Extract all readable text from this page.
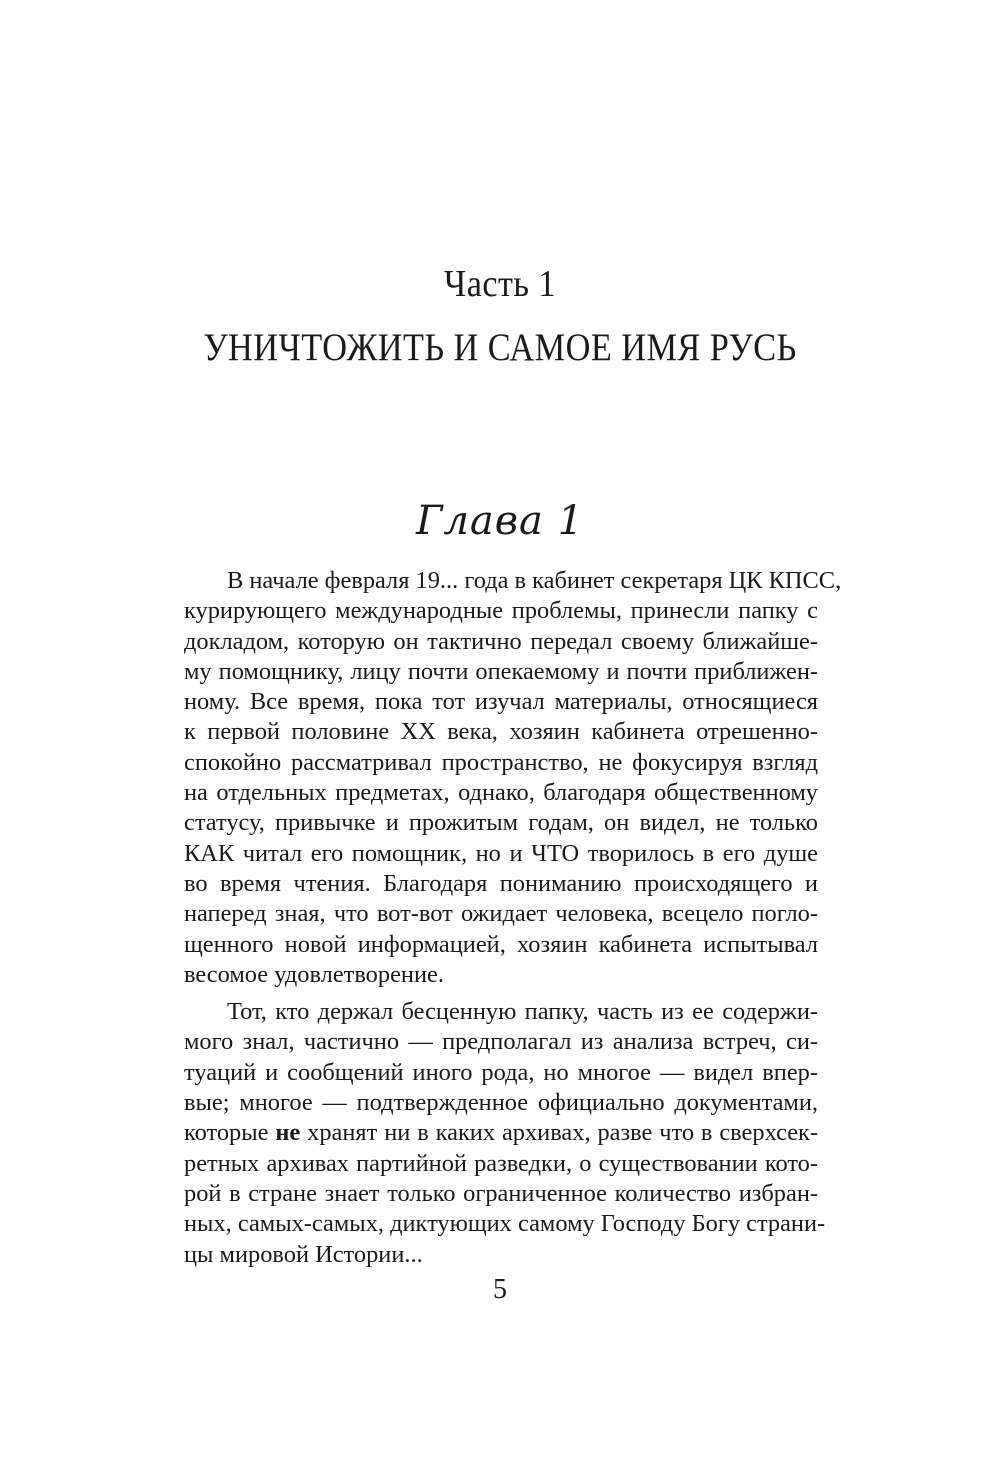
Часть 1
УНИЧТОЖИТЬ И САМОЕ ИМЯ РУСЬ
Глава 1
В начале февраля 19... года в кабинет секретаря ЦК КПСС,
курирующего международные проблемы, принесли папку с
докладом, которую он тактично передал своему ближайше-
му помощнику, лицу почти опекаемому и почти приближен-
ному. Все время, пока тот изучал материалы, относящиеся
к первой половине XX века, хозяин кабинета отрешенно-
спокойно рассматривал пространство, не фокусируя взгляд
на отдельных предметах, однако, благодаря общественному
статусу, привычке и прожитым годам, он видел, не только
КАК читал его помощник, но и ЧТО творилось в его душе
во время чтения. Благодаря пониманию происходящего и
наперед зная, что вот-вот ожидает человека, всецело погло-
щенного новой информацией, хозяин кабинета испытывал
весомое удовлетворение.
Тот, кто держал бесценную папку, часть из ее содержи-
мого знал, частично — предполагал из анализа встреч, си-
туаций и сообщений иного рода, но многое — видел впер-
вые; многое — подтвержденное официально документами,
которые не хранят ни в каких архивах, разве что в сверхсек-
ретных архивах партийной разведки, о существовании кото-
рой в стране знает только ограниченное количество избран-
ных, самых-самых, диктующих самому Господу Богу страни-
цы мировой Истории...
5
